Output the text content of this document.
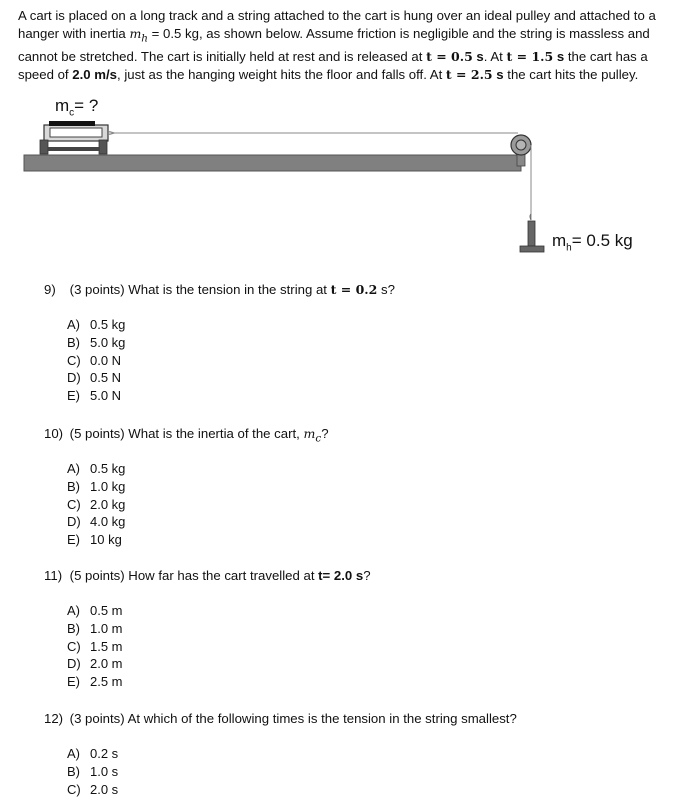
A cart is placed on a long track and a string attached to the cart is hung over an ideal pulley and attached to a hanger with inertia $m_h = 0.5$ kg, as shown below. Assume friction is negligible and the string is massless and cannot be stretched. The cart is initially held at rest and is released at t = 0.5 s. At t = 1.5 s the cart has a speed of 2.0 m/s, just as the hanging weight hits the floor and falls off. At t = 2.5 s the cart hits the pulley.
$m_c=$ ?
$m_h= 0.5$ kg
9) (3 points) What is the tension in the string at t = 0.2 s?
A) 0.5 kg
B) 5.0 kg
C) 0.0 N
D) 0.5 N
E) 5.0 N
10) (5 points) What is the inertia of the cart, $m_c$?
A) 0.5 kg
B) 1.0 kg
C) 2.0 kg
D) 4.0 kg
E) 10 kg
11) (5 points) How far has the cart travelled at t= 2.0 s?
A) 0.5 m
B) 1.0 m
C) 1.5 m
D) 2.0 m
E) 2.5 m
12) (3 points) At which of the following times is the tension in the string smallest?
A) 0.2 s
B) 1.0 s
C) 2.0 s
